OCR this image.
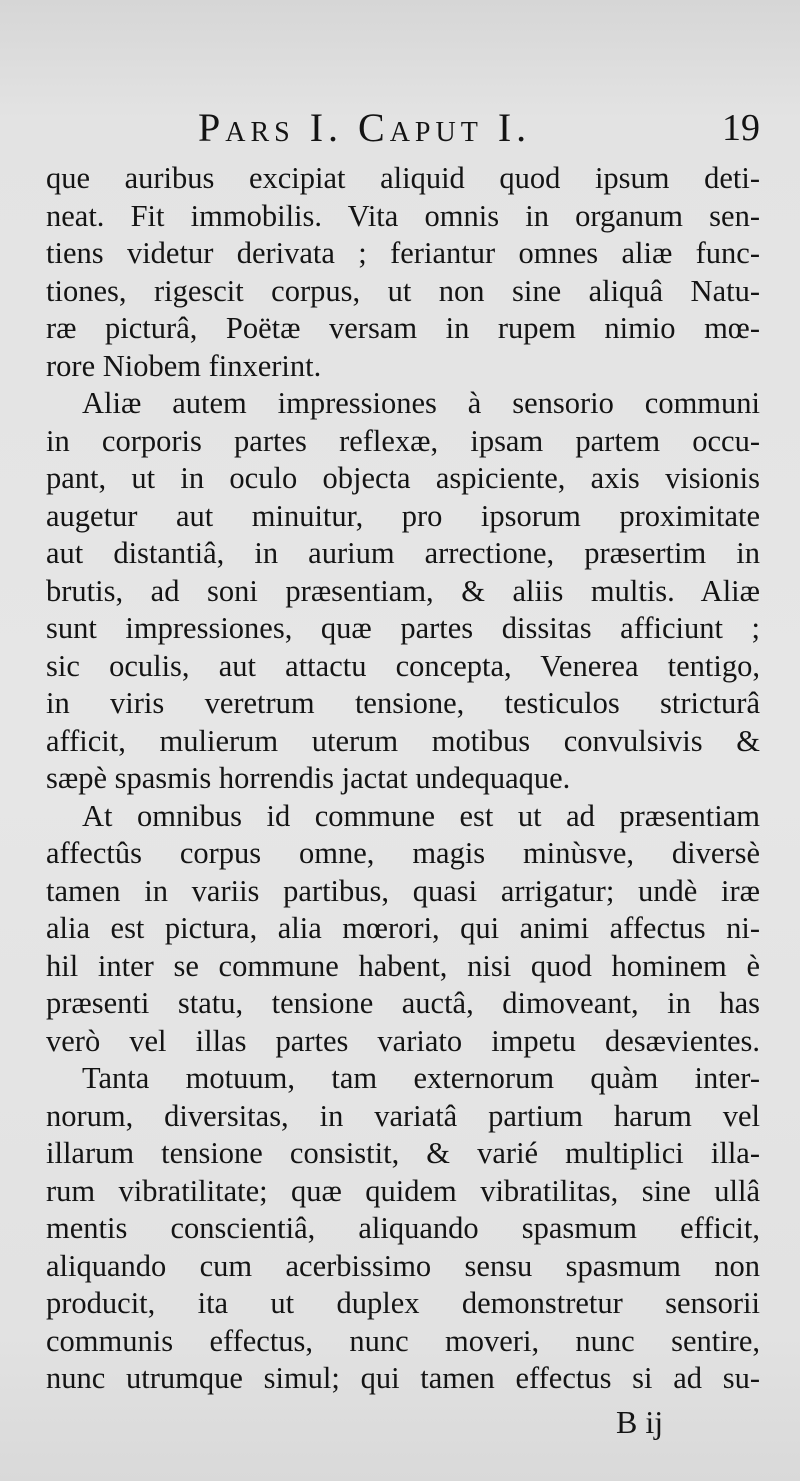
Pars I. Caput I.	19
que auribus excipiat aliquid quod ipsum deti-
neat. Fit immobilis. Vita omnis in organum sen-
tiens videtur derivata ; feriantur omnes aliæ func-
tiones, rigescit corpus, ut non sine aliquâ Natu-
ræ picturâ, Poëtæ versam in rupem nimio mœ-
rore Niobem finxerint.
Aliæ autem impressiones à sensorio communi
in corporis partes reflexæ, ipsam partem occu-
pant, ut in oculo objecta aspiciente, axis visionis
augetur aut minuitur, pro ipsorum proximitate
aut distantiâ, in aurium arrectione, præsertim in
brutis, ad soni præsentiam, & aliis multis. Aliæ
sunt impressiones, quæ partes dissitas afficiunt ;
sic oculis, aut attactu concepta, Venerea tentigo,
in viris veretrum tensione, testiculos stricturâ
afficit, mulierum uterum motibus convulsivis &
sæpè spasmis horrendis jactat undequaque.
At omnibus id commune est ut ad præsentiam
affectûs corpus omne, magis minùsve, diversè
tamen in variis partibus, quasi arrigatur; undè iræ
alia est pictura, alia mœrori, qui animi affectus ni-
hil inter se commune habent, nisi quod hominem è
præsenti statu, tensione auctâ, dimoveant, in has
verò vel illas partes variato impetu desævientes.
Tanta motuum, tam externorum quàm inter-
norum, diversitas, in variatâ partium harum vel
illarum tensione consistit, & varié multiplici illa-
rum vibratilitate; quæ quidem vibratilitas, sine ullâ
mentis conscientiâ, aliquando spasmum efficit,
aliquando cum acerbissimo sensu spasmum non
producit, ita ut duplex demonstretur sensorii
communis effectus, nunc moveri, nunc sentire,
nunc utrumque simul; qui tamen effectus si ad su-
B ij
